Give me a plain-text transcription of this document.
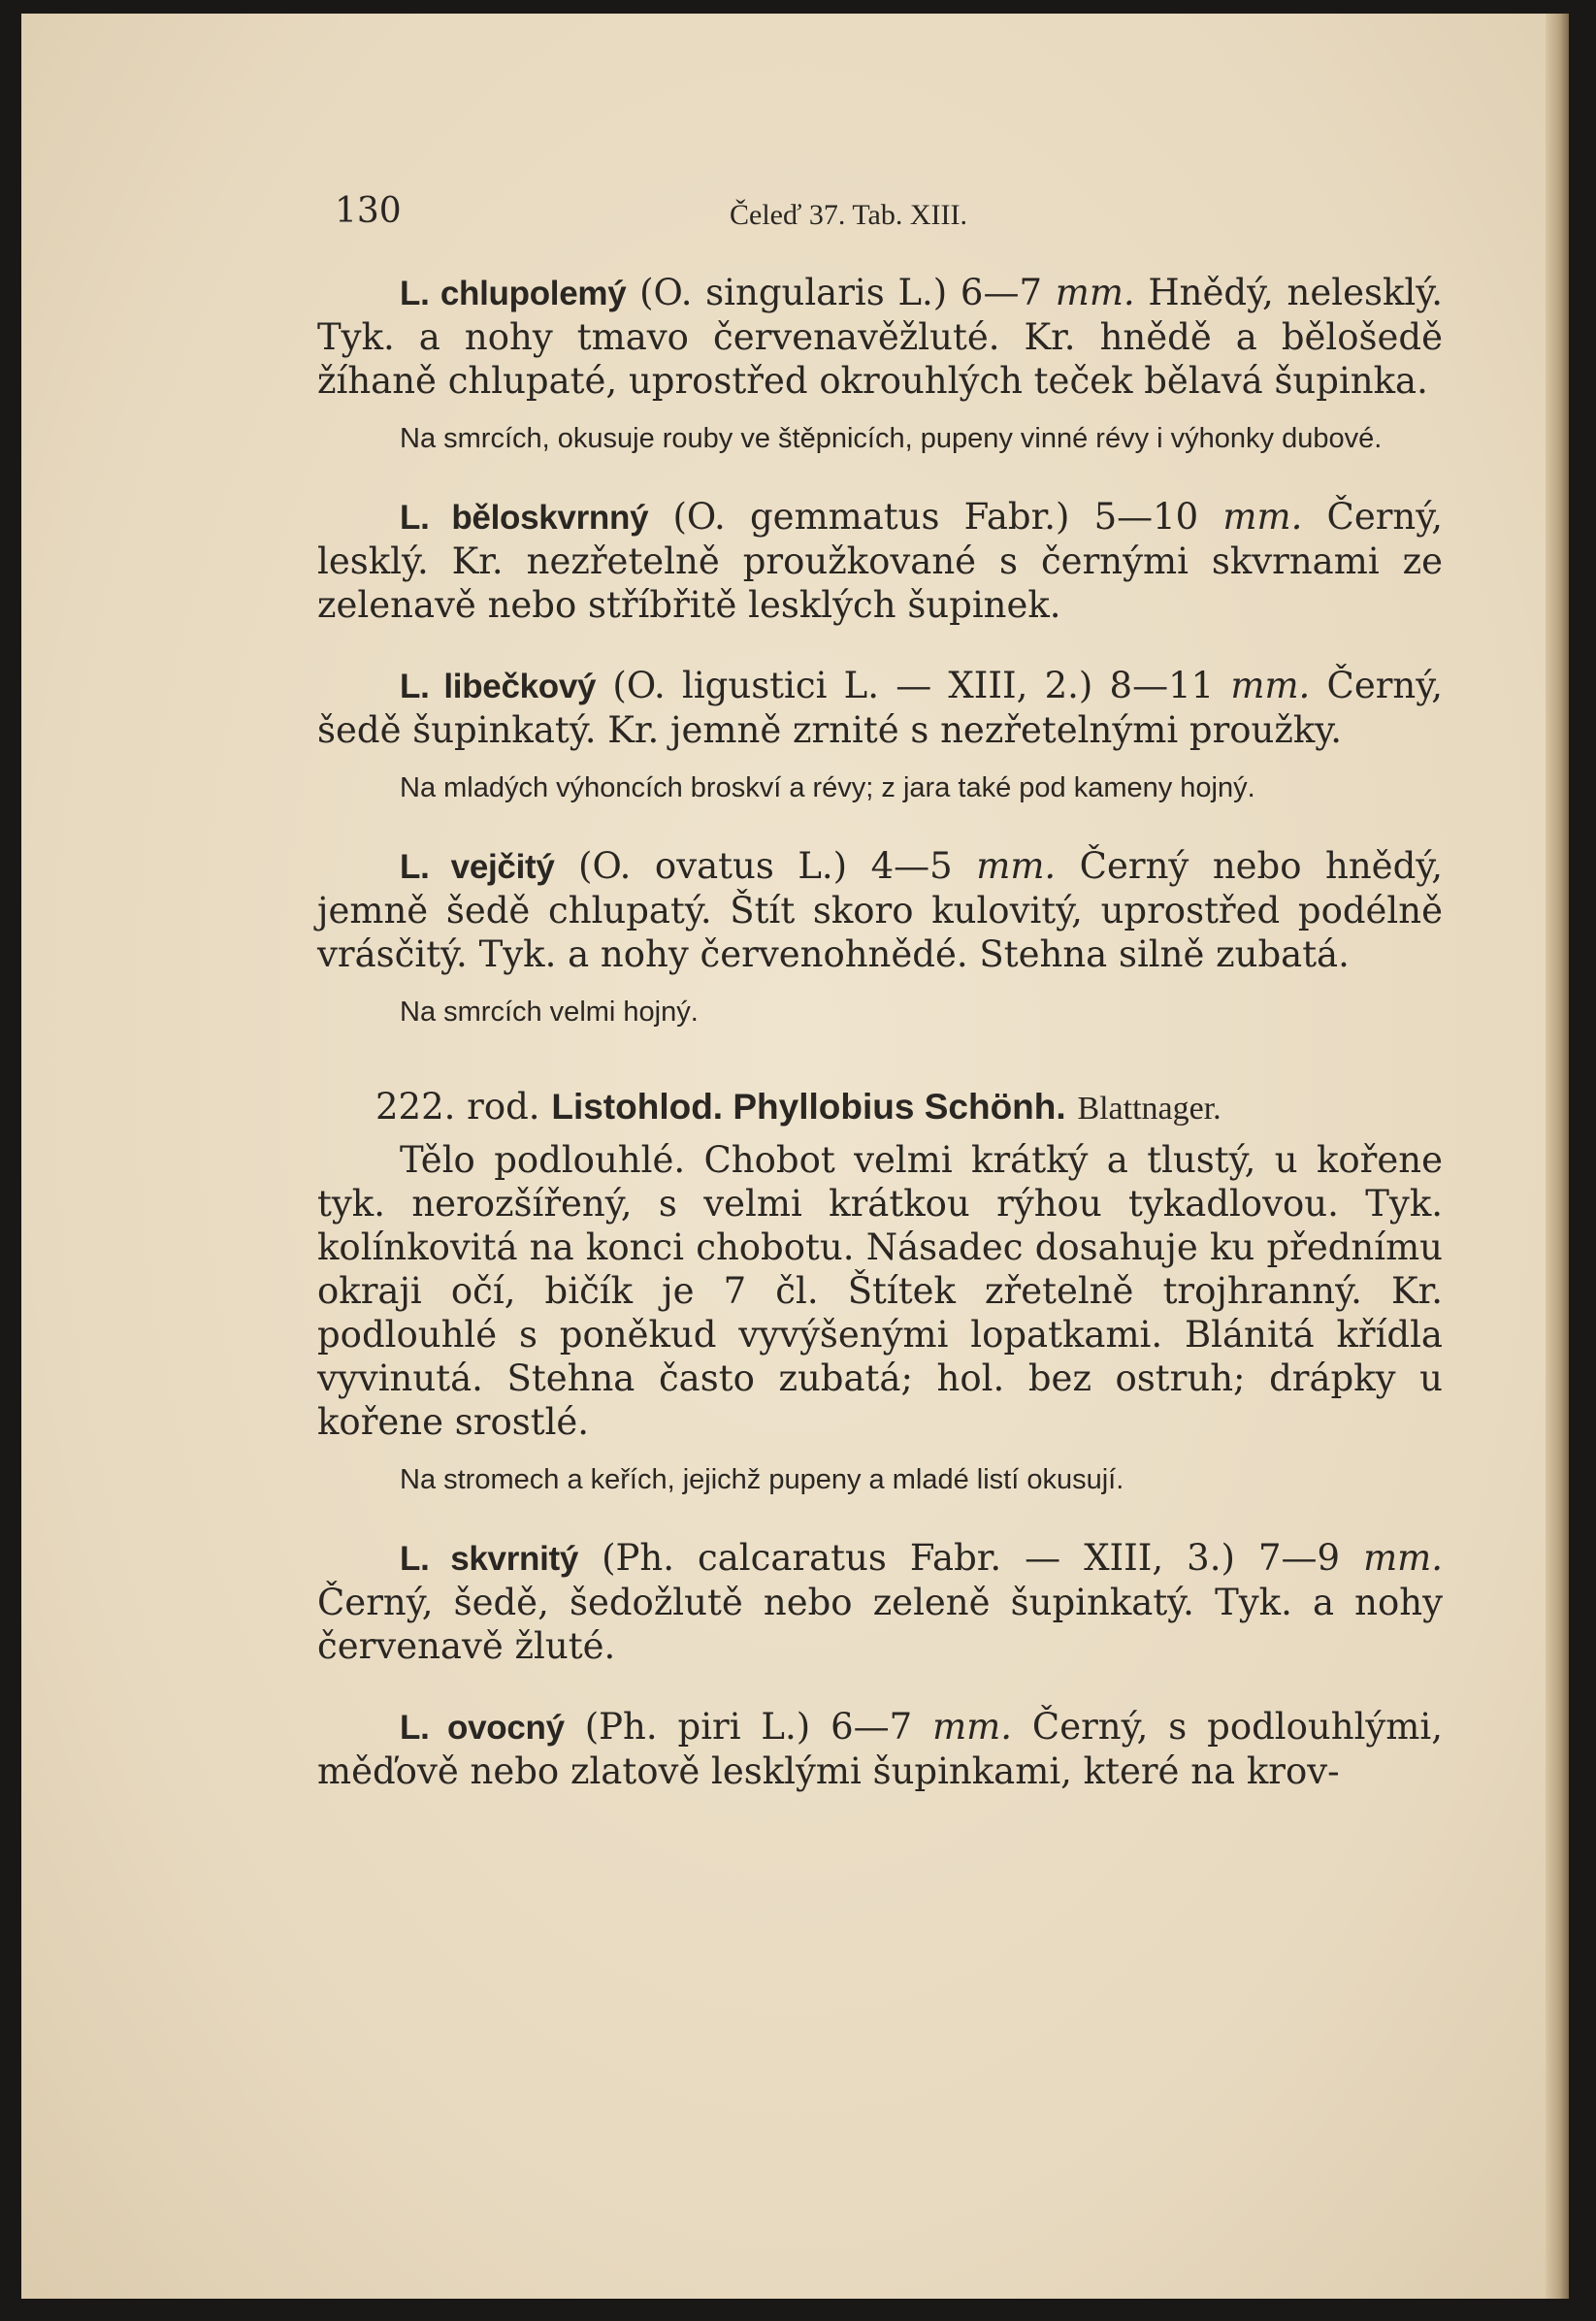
130	Čeleď 37. Tab. XIII.

L. chlupolemý (O. singularis L.) 6—7 mm. Hnědý, nelesklý. Tyk. a nohy tmavo červenavěžluté. Kr. hnědě a bělošedě žíhaně chlupaté, uprostřed okrouhlých teček bělavá šupinka.

Na smrcích, okusuje rouby ve štěpnicích, pupeny vinné révy i výhonky dubové.

L. běloskvrnný (O. gemmatus Fabr.) 5—10 mm. Černý, lesklý. Kr. nezřetelně proužkované s černými skvrnami ze zelenavě nebo stříbřitě lesklých šupinek.

L. libečkový (O. ligustici L. — XIII, 2.) 8—11 mm. Černý, šedě šupinkatý. Kr. jemně zrnité s nezřetelnými proužky.

Na mladých výhoncích broskví a révy; z jara také pod kameny hojný.

L. vejčitý (O. ovatus L.) 4—5 mm. Černý nebo hnědý, jemně šedě chlupatý. Štít skoro kulovitý, uprostřed podélně vrásčitý. Tyk. a nohy červenohnědé. Stehna silně zubatá.

Na smrcích velmi hojný.

222. rod. Listohlod. Phyllobius Schönh. Blattnager.

Tělo podlouhlé. Chobot velmi krátký a tlustý, u kořene tyk. nerozšířený, s velmi krátkou rýhou tykadlovou. Tyk. kolínkovitá na konci chobotu. Násadec dosahuje ku přednímu okraji očí, bičík je 7 čl. Štítek zřetelně trojhranný. Kr. podlouhlé s poněkud vyvýšenými lopatkami. Blánitá křídla vyvinutá. Stehna často zubatá; hol. bez ostruh; drápky u kořene srostlé.

Na stromech a keřích, jejichž pupeny a mladé listí okusují.

L. skvrnitý (Ph. calcaratus Fabr. — XIII, 3.) 7—9 mm. Černý, šedě, šedožlutě nebo zeleně šupinkatý. Tyk. a nohy červenavě žluté.

L. ovocný (Ph. piri L.) 6—7 mm. Černý, s podlouhlými, měďově nebo zlatově lesklými šupinkami, které na krov-
